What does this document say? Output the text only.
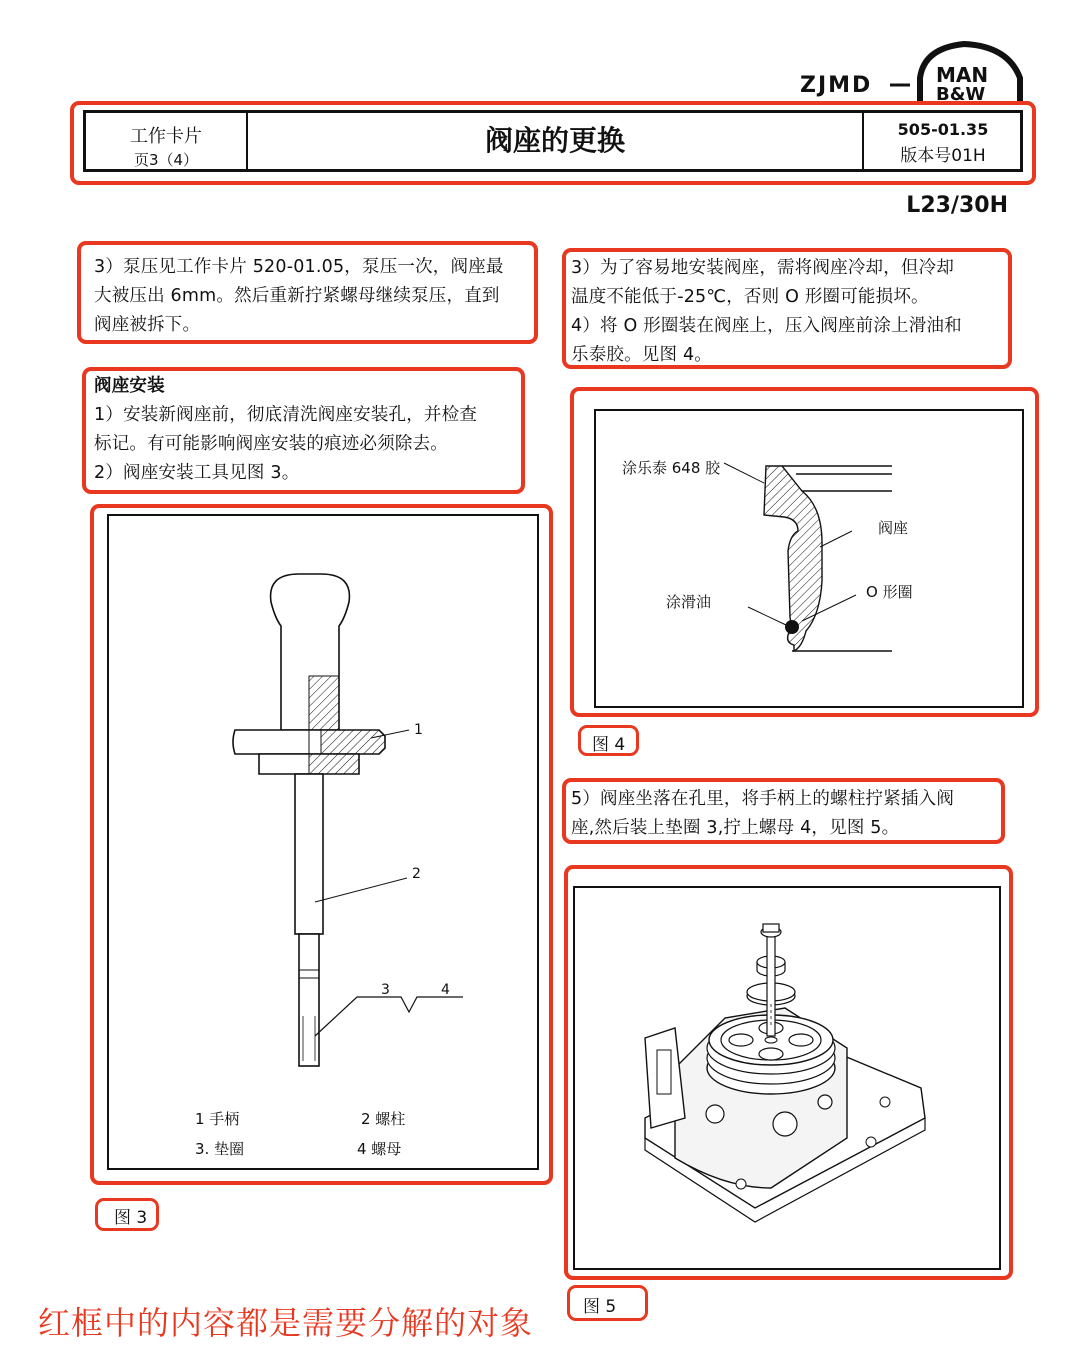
ZJMD	MAN
B&W
工作卡片
页3（4）
阀座的更换	505-01.35
版本号01H
L23/30H

3）泵压见工作卡片 520-01.05，泵压一次，阀座最

大被压出 6mm。然后重新拧紧螺母继续泵压，直到

阀座被拆下。

阀座安装

1）安装新阀座前，彻底清洗阀座安装孔，并检查

标记。有可能影响阀座安装的痕迹必须除去。

2）阀座安装工具见图 3。

3）为了容易地安装阀座，需将阀座冷却，但冷却

温度不能低于-25℃，否则 O 形圈可能损坏。

4）将 O 形圈装在阀座上，压入阀座前涂上滑油和

乐泰胶。见图 4。

5）阀座坐落在孔里，将手柄上的螺柱拧紧插入阀

座,然后装上垫圈 3,拧上螺母 4，见图 5。

1
2
3	4
1 手柄	2 螺柱
3. 垫圈	4 螺母
图 3
涂乐泰 648 胶
阀座
涂滑油
O 形圈
图 4
图 5
红框中的内容都是需要分解的对象
